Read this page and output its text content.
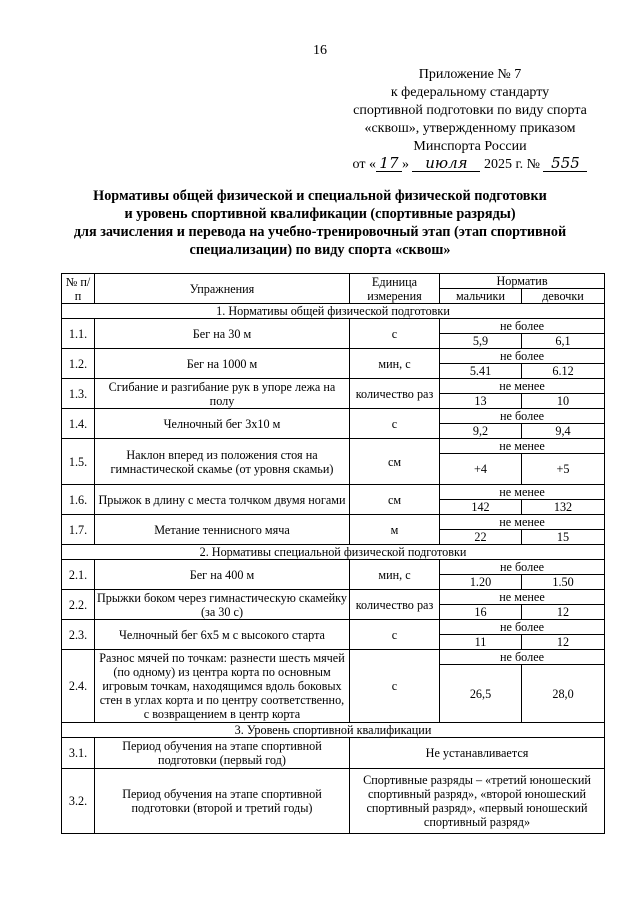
16
Приложение № 7
к федеральному стандарту
спортивной подготовки по виду спорта
«сквош», утвержденному приказом
Минспорта России
от « 17 » июля 2025 г. № 555
Нормативы общей физической и специальной физической подготовки
и уровень спортивной квалификации (спортивные разряды)
для зачисления и перевода на учебно-тренировочный этап (этап спортивной
специализации) по виду спорта «сквош»
№ п/п	Упражнения	Единица измерения	Норматив	
			мальчики	девочки
1. Нормативы общей физической подготовки				
1.1.	Бег на 30 м	с	не более	
			5,9	6,1
1.2.	Бег на 1000 м	мин, с	не более	
			5.41	6.12
1.3.	Сгибание и разгибание рук в упоре лежа на полу	количество раз	не менее	
			13	10
1.4.	Челночный бег 3х10 м	с	не более	
			9,2	9,4
1.5.	Наклон вперед из положения стоя на гимнастической скамье (от уровня скамьи)	см	не менее	
			+4	+5
1.6.	Прыжок в длину с места толчком двумя ногами	см	не менее	
			142	132
1.7.	Метание теннисного мяча	м	не менее	
			22	15
2. Нормативы специальной физической подготовки				
2.1.	Бег на 400 м	мин, с	не более	
			1.20	1.50
2.2.	Прыжки боком через гимнастическую скамейку (за 30 с)	количество раз	не менее	
			16	12
2.3.	Челночный бег 6х5 м с высокого старта	с	не более	
			11	12
2.4.	Разнос мячей по точкам: разнести шесть мячей (по одному) из центра корта по основным игровым точкам, находящимся вдоль боковых стен в углах корта и по центру соответственно, с возвращением в центр корта	с	не более	
			26,5	28,0
3. Уровень спортивной квалификации				
3.1.	Период обучения на этапе спортивной подготовки (первый год)	Не устанавливается		
3.2.	Период обучения на этапе спортивной подготовки (второй и третий годы)	Спортивные разряды – «третий юношеский спортивный разряд», «второй юношеский спортивный разряд», «первый юношеский спортивный разряд»		
